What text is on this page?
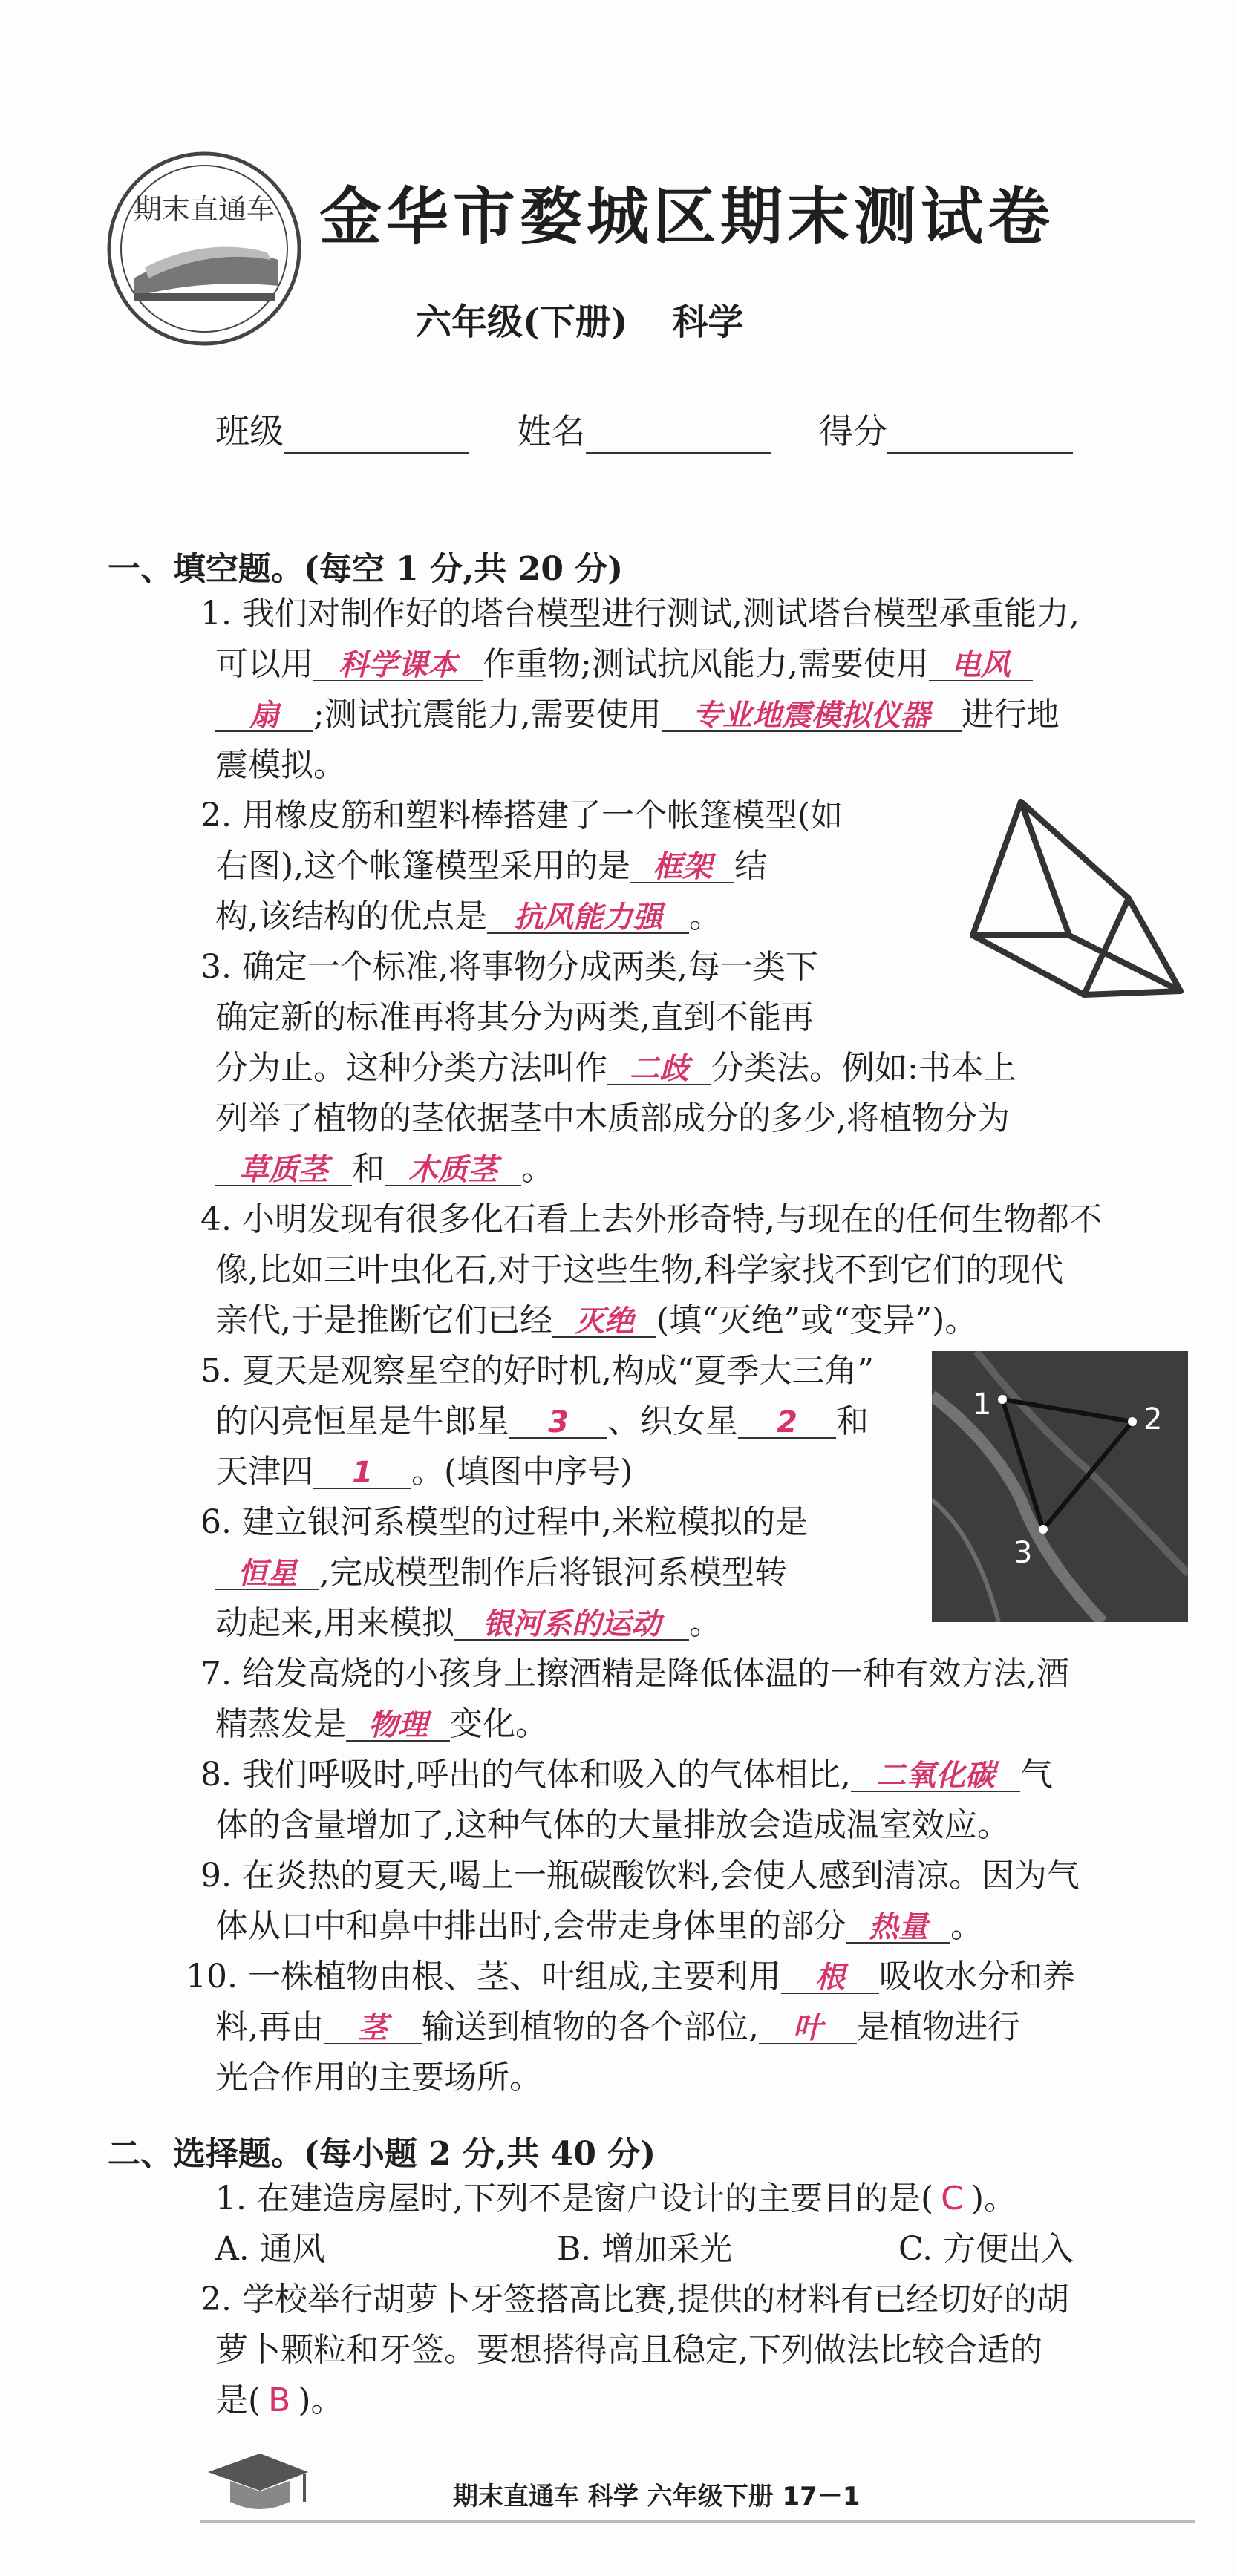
期末直通车 金华市婺城区期末测试卷
六年级(下册) 科学
班级	姓名	得分
一、填空题。(每空 1 分,共 20 分)
1. 我们对制作好的塔台模型进行测试,测试塔台模型承重能力,
可以用 科学课本 作重物;测试抗风能力,需要使用 电风
扇 ;测试抗震能力,需要使用 专业地震模拟仪器 进行地
震模拟。
2. 用橡皮筋和塑料棒搭建了一个帐篷模型(如
右图),这个帐篷模型采用的是 框架 结
构,该结构的优点是 抗风能力强 。
3. 确定一个标准,将事物分成两类,每一类下
确定新的标准再将其分为两类,直到不能再
分为止。这种分类方法叫作 二歧 分类法。例如:书本上
列举了植物的茎依据茎中木质部成分的多少,将植物分为
草质茎 和 木质茎 。
4. 小明发现有很多化石看上去外形奇特,与现在的任何生物都不
像,比如三叶虫化石,对于这些生物,科学家找不到它们的现代
亲代,于是推断它们已经 灭绝 (填“灭绝”或“变异”)。
5. 夏天是观察星空的好时机,构成“夏季大三角”
的闪亮恒星是牛郎星 3 、织女星 2 和
天津四 1 。(填图中序号)
6. 建立银河系模型的过程中,米粒模拟的是
恒星 ,完成模型制作后将银河系模型转
动起来,用来模拟 银河系的运动 。
7. 给发高烧的小孩身上擦酒精是降低体温的一种有效方法,酒
精蒸发是 物理 变化。
8. 我们呼吸时,呼出的气体和吸入的气体相比, 二氧化碳 气
体的含量增加了,这种气体的大量排放会造成温室效应。
9. 在炎热的夏天,喝上一瓶碳酸饮料,会使人感到清凉。因为气
体从口中和鼻中排出时,会带走身体里的部分 热量 。
10. 一株植物由根、茎、叶组成,主要利用 根 吸收水分和养
料,再由 茎 输送到植物的各个部位, 叶 是植物进行
光合作用的主要场所。
1	2
3
二、选择题。(每小题 2 分,共 40 分)
1. 在建造房屋时,下列不是窗户设计的主要目的是( C )。
A. 通风	B. 增加采光	C. 方便出入
2. 学校举行胡萝卜牙签搭高比赛,提供的材料有已经切好的胡
萝卜颗粒和牙签。要想搭得高且稳定,下列做法比较合适的
是( B )。
期末直通车 科学 六年级下册 17－1
